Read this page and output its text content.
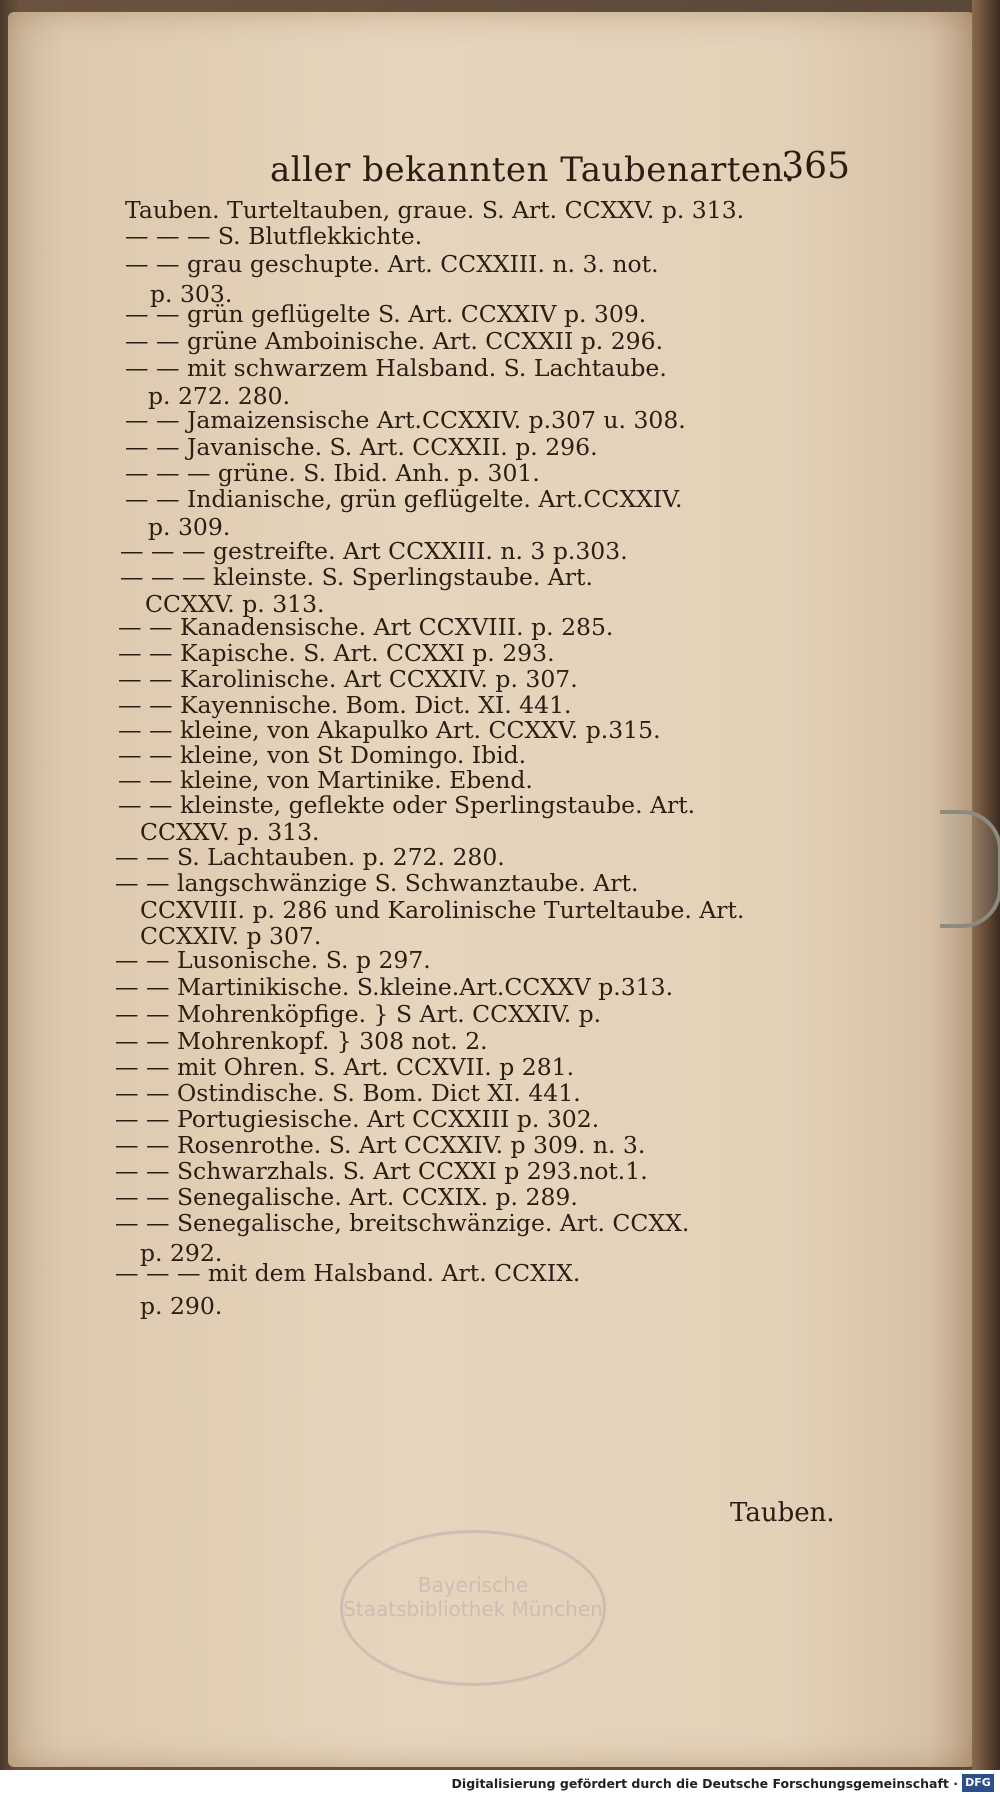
aller bekannten Taubenarten.
365
Tauben. Turteltauben, graue. S. Art. CCXXV. p. 313.
— — — S. Blutflekkichte.
— — grau geschupte. Art. CCXXIII. n. 3. not.
p. 303.
— — grün geflügelte S. Art. CCXXIV p. 309.
— — grüne Amboinische. Art. CCXXII p. 296.
— — mit schwarzem Halsband. S. Lachtaube.
p. 272. 280.
— — Jamaizensische Art.CCXXIV. p.307 u. 308.
— — Javanische. S. Art. CCXXII. p. 296.
— — — grüne. S. Ibid. Anh. p. 301.
— — Indianische, grün geflügelte. Art.CCXXIV.
p. 309.
— — — gestreifte. Art CCXXIII. n. 3 p.303.
— — — kleinste. S. Sperlingstaube. Art.
CCXXV. p. 313.
— — Kanadensische. Art CCXVIII. p. 285.
— — Kapische. S. Art. CCXXI p. 293.
— — Karolinische. Art CCXXIV. p. 307.
— — Kayennische. Bom. Dict. XI. 441.
— — kleine, von Akapulko Art. CCXXV. p.315.
— — kleine, von St Domingo. Ibid.
— — kleine, von Martinike. Ebend.
— — kleinste, geflekte oder Sperlingstaube. Art.
CCXXV. p. 313.
— — S. Lachtauben. p. 272. 280.
— — langschwänzige S. Schwanztaube. Art.
CCXVIII. p. 286 und Karolinische Turteltaube. Art.
CCXXIV. p 307.
— — Lusonische. S. p 297.
— — Martinikische. S.kleine.Art.CCXXV p.313.
— — Mohrenköpfige. } S Art. CCXXIV. p.
— — Mohrenkopf. } 308 not. 2.
— — mit Ohren. S. Art. CCXVII. p 281.
— — Ostindische. S. Bom. Dict XI. 441.
— — Portugiesische. Art CCXXIII p. 302.
— — Rosenrothe. S. Art CCXXIV. p 309. n. 3.
— — Schwarzhals. S. Art CCXXI p 293.not.1.
— — Senegalische. Art. CCXIX. p. 289.
— — Senegalische, breitschwänzige. Art. CCXX.
p. 292.
— — — mit dem Halsband. Art. CCXIX.
p. 290.
Tauben.
Bayerische Staatsbibliothek München
Digitalisierung gefördert durch die Deutsche Forschungsgemeinschaft · DFG
